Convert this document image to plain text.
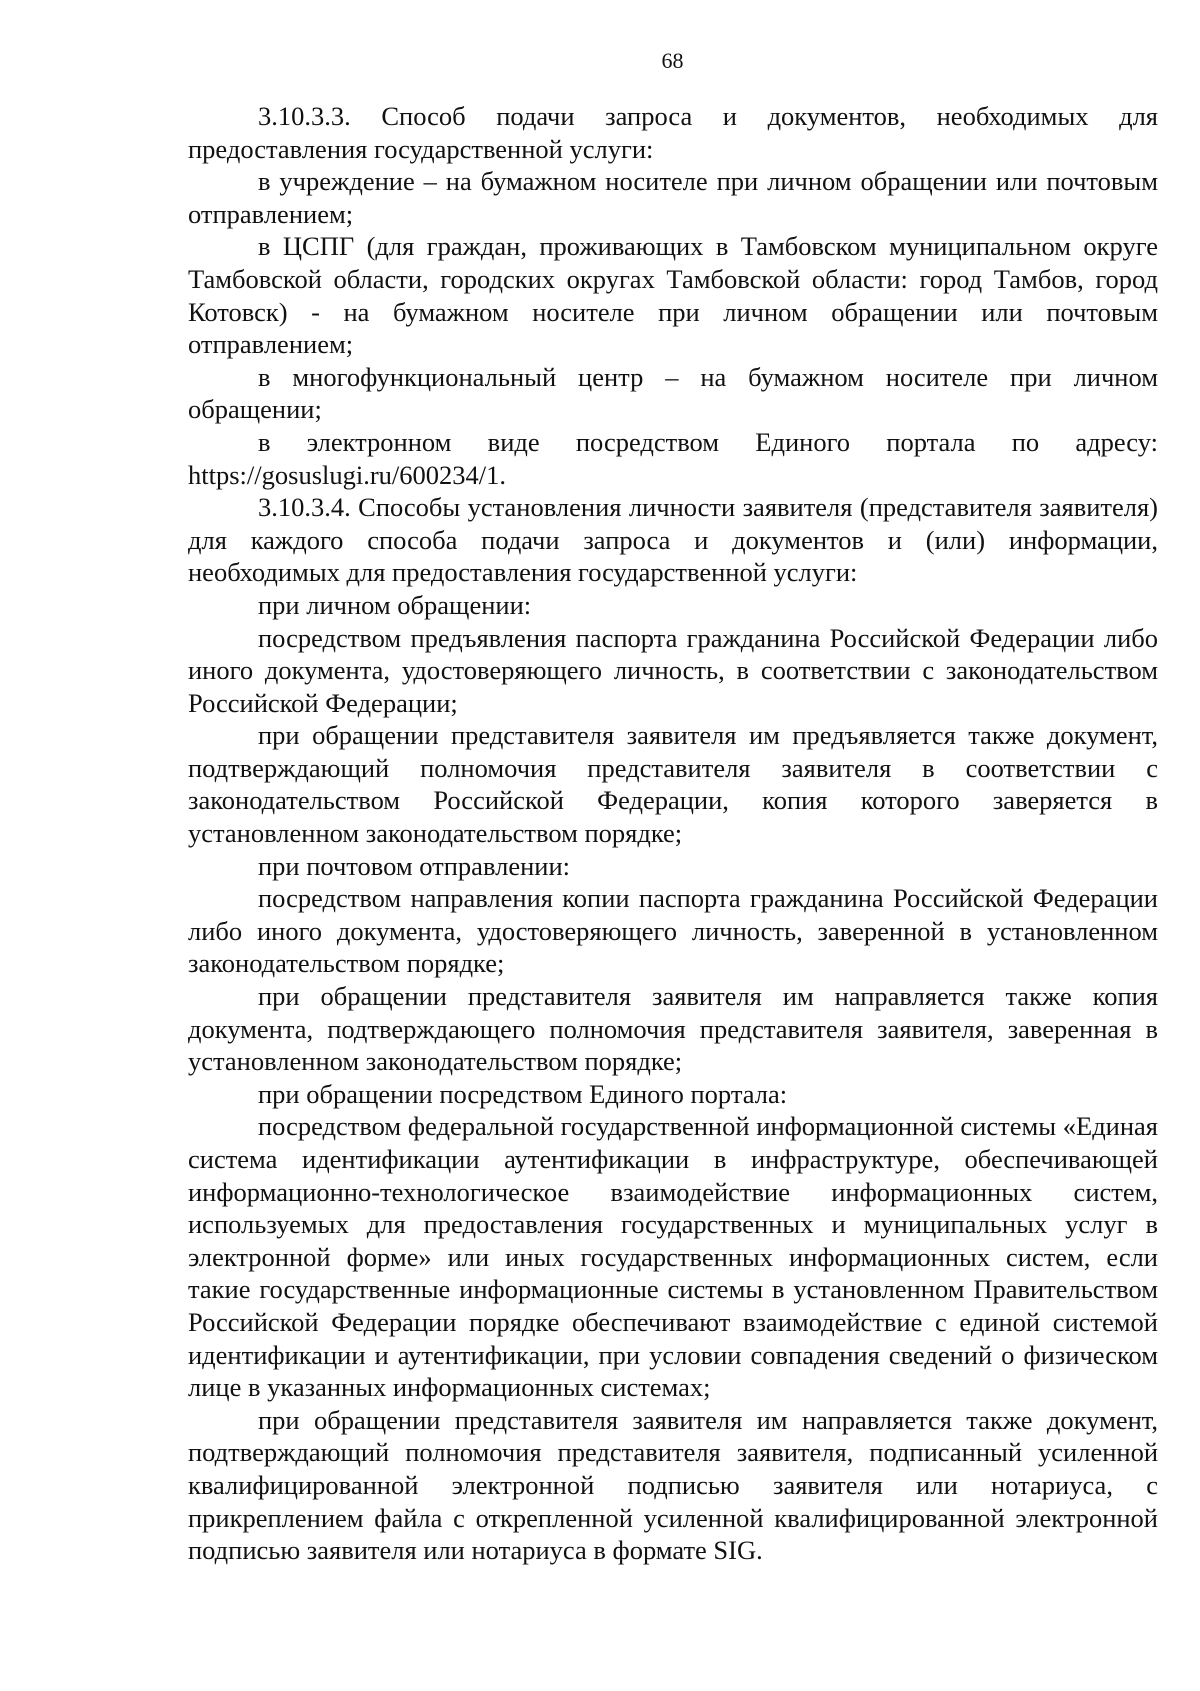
68

3.10.3.3. Способ подачи запроса и документов, необходимых для предоставления государственной услуги:

в учреждение – на бумажном носителе при личном обращении или почтовым отправлением;

в ЦСПГ (для граждан, проживающих в Тамбовском муниципальном округе Тамбовской области, городских округах Тамбовской области: город Тамбов, город Котовск) - на бумажном носителе при личном обращении или почтовым отправлением;

в многофункциональный центр – на бумажном носителе при личном обращении;

в электронном виде посредством Единого портала по адресу: https://gosuslugi.ru/600234/1.

3.10.3.4. Способы установления личности заявителя (представителя заявителя) для каждого способа подачи запроса и документов и (или) информации, необходимых для предоставления государственной услуги:

при личном обращении:

посредством предъявления паспорта гражданина Российской Федерации либо иного документа, удостоверяющего личность, в соответствии с законодательством Российской Федерации;

при обращении представителя заявителя им предъявляется также документ, подтверждающий полномочия представителя заявителя в соответствии с законодательством Российской Федерации, копия которого заверяется в установленном законодательством порядке;

при почтовом отправлении:

посредством направления копии паспорта гражданина Российской Федерации либо иного документа, удостоверяющего личность, заверенной в установленном законодательством порядке;

при обращении представителя заявителя им направляется также копия документа, подтверждающего полномочия представителя заявителя, заверенная в установленном законодательством порядке;

при обращении посредством Единого портала:

посредством федеральной государственной информационной системы «Единая система идентификации аутентификации в инфраструктуре, обеспечивающей информационно-технологическое взаимодействие информационных систем, используемых для предоставления государственных и муниципальных услуг в электронной форме» или иных государственных информационных систем, если такие государственные информационные системы в установленном Правительством Российской Федерации порядке обеспечивают взаимодействие с единой системой идентификации и аутентификации, при условии совпадения сведений о физическом лице в указанных информационных системах;

при обращении представителя заявителя им направляется также документ, подтверждающий полномочия представителя заявителя, подписанный усиленной квалифицированной электронной подписью заявителя или нотариуса, с прикреплением файла с открепленной усиленной квалифицированной электронной подписью заявителя или нотариуса в формате SIG.
